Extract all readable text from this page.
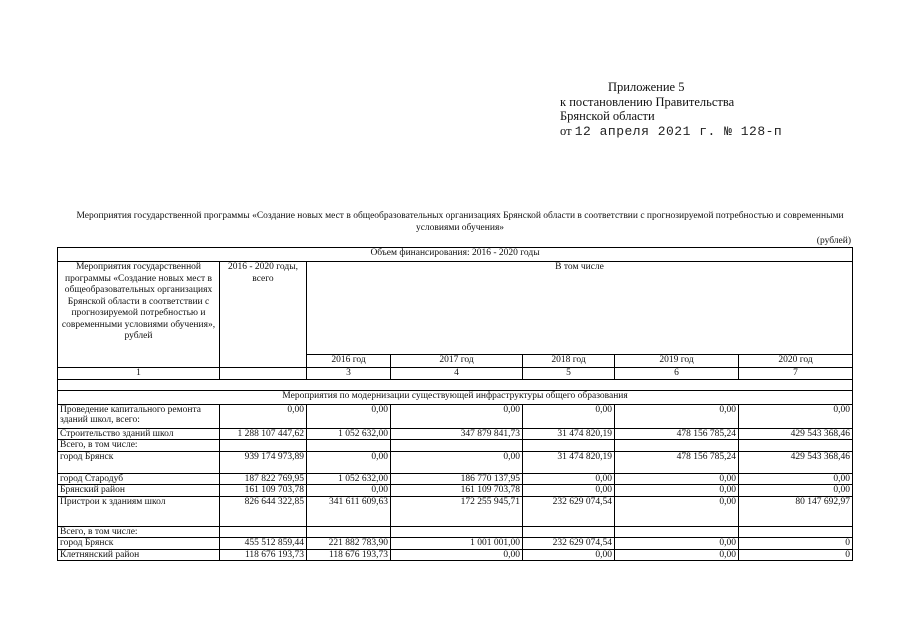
Приложение 5
к постановлению Правительства
Брянской области
от 12 апреля 2021 г. № 128-п
Мероприятия государственной программы «Создание новых мест в общеобразовательных организациях Брянской области в соответствии с прогнозируемой потребностью и современными условиями обучения»
(рублей)
Объем финансирования: 2016 - 2020 годы						
Мероприятия государственной программы «Создание новых мест в общеобразовательных организациях Брянской области в соответствии с прогнозируемой потребностью и современными условиями обучения», рублей	2016 - 2020 годы, всего	В том числе				
		2016 год	2017 год	2018 год	2019 год	2020 год
1		3	4	5	6	7

Мероприятия по модернизации существующей инфраструктуры общего образования						
Проведение капитального ремонта зданий школ, всего:	0,00	0,00	0,00	0,00	0,00	0,00
Строительство зданий школ	1 288 107 447,62	1 052 632,00	347 879 841,73	31 474 820,19	478 156 785,24	429 543 368,46
Всего, в том числе:						
город Брянск	939 174 973,89	0,00	0,00	31 474 820,19	478 156 785,24	429 543 368,46
город Стародуб	187 822 769,95	1 052 632,00	186 770 137,95	0,00	0,00	0,00
Брянский район	161 109 703,78	0,00	161 109 703,78	0,00	0,00	0,00
Пристрои к зданиям школ	826 644 322,85	341 611 609,63	172 255 945,71	232 629 074,54	0,00	80 147 692,97
Всего, в том числе:						
город Брянск	455 512 859,44	221 882 783,90	1 001 001,00	232 629 074,54	0,00	0
Клетнянский район	118 676 193,73	118 676 193,73	0,00	0,00	0,00	0
